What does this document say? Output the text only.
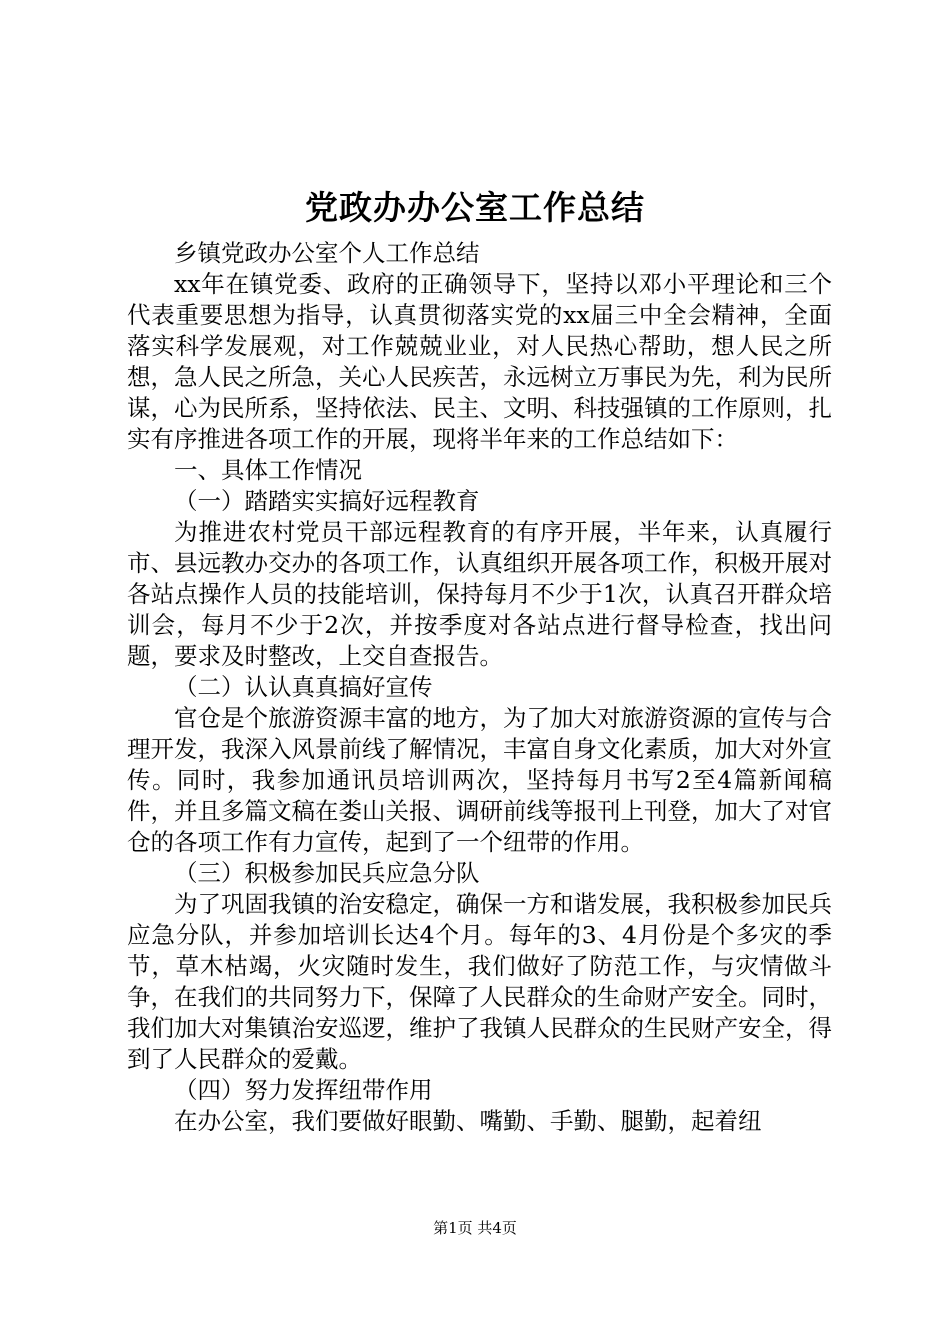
党政办办公室工作总结

乡镇党政办公室个人工作总结

xx年在镇党委、政府的正确领导下，坚持以邓小平理论和三个代表重要思想为指导，认真贯彻落实党的xx届三中全会精神，全面落实科学发展观，对工作兢兢业业，对人民热心帮助，想人民之所想，急人民之所急，关心人民疾苦，永远树立万事民为先，利为民所谋，心为民所系，坚持依法、民主、文明、科技强镇的工作原则，扎实有序推进各项工作的开展，现将半年来的工作总结如下：

一、具体工作情况

（一）踏踏实实搞好远程教育

为推进农村党员干部远程教育的有序开展，半年来，认真履行市、县远教办交办的各项工作，认真组织开展各项工作，积极开展对各站点操作人员的技能培训，保持每月不少于1次，认真召开群众培训会，每月不少于2次，并按季度对各站点进行督导检查，找出问题，要求及时整改，上交自查报告。

（二）认认真真搞好宣传

官仓是个旅游资源丰富的地方，为了加大对旅游资源的宣传与合理开发，我深入风景前线了解情况，丰富自身文化素质，加大对外宣传。同时，我参加通讯员培训两次，坚持每月书写2至4篇新闻稿件，并且多篇文稿在娄山关报、调研前线等报刊上刊登，加大了对官仓的各项工作有力宣传，起到了一个纽带的作用。

（三）积极参加民兵应急分队

为了巩固我镇的治安稳定，确保一方和谐发展，我积极参加民兵应急分队，并参加培训长达4个月。每年的3、4月份是个多灾的季节，草木枯竭，火灾随时发生，我们做好了防范工作，与灾情做斗争，在我们的共同努力下，保障了人民群众的生命财产安全。同时，我们加大对集镇治安巡逻，维护了我镇人民群众的生民财产安全，得到了人民群众的爱戴。

（四）努力发挥纽带作用

在办公室，我们要做好眼勤、嘴勤、手勤、腿勤，起着纽

第1页 共4页
